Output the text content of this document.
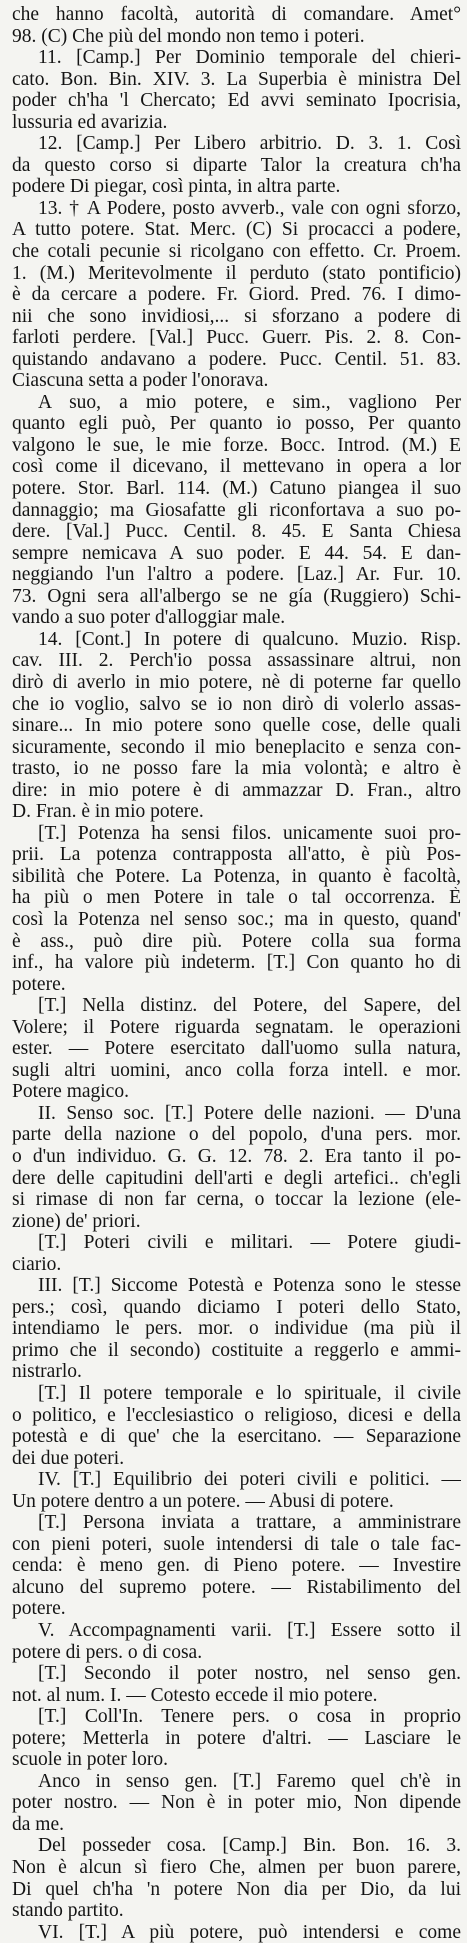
che hanno facoltà, autorità di comandare. Amet°
98. (C) Che più del mondo non temo i poteri.
11. [Camp.] Per Dominio temporale del chieri-
cato. Bon. Bin. XIV. 3. La Superbia è ministra Del
poder ch'ha 'l Chercato; Ed avvi seminato Ipocrisia,
lussuria ed avarizia.
12. [Camp.] Per Libero arbitrio. D. 3. 1. Così
da questo corso si diparte Talor la creatura ch'ha
podere Di piegar, così pinta, in altra parte.
13. † A Podere, posto avverb., vale con ogni sforzo,
A tutto potere. Stat. Merc. (C) Si procacci a podere,
che cotali pecunie si ricolgano con effetto. Cr. Proem.
1. (M.) Meritevolmente il perduto (stato pontificio)
è da cercare a podere. Fr. Giord. Pred. 76. I dimo-
nii che sono invidiosi,... si sforzano a podere di
farloti perdere. [Val.] Pucc. Guerr. Pis. 2. 8. Con-
quistando andavano a podere. Pucc. Centil. 51. 83.
Ciascuna setta a poder l'onorava.
A suo, a mio potere, e sim., vagliono Per
quanto egli può, Per quanto io posso, Per quanto
valgono le sue, le mie forze. Bocc. Introd. (M.) E
così come il dicevano, il mettevano in opera a lor
potere. Stor. Barl. 114. (M.) Catuno piangea il suo
dannaggio; ma Giosafatte gli riconfortava a suo po-
dere. [Val.] Pucc. Centil. 8. 45. E Santa Chiesa
sempre nemicava A suo poder. E 44. 54. E dan-
neggiando l'un l'altro a podere. [Laz.] Ar. Fur. 10.
73. Ogni sera all'albergo se ne gía (Ruggiero) Schi-
vando a suo poter d'alloggiar male.
14. [Cont.] In potere di qualcuno. Muzio. Risp.
cav. III. 2. Perch'io possa assassinare altrui, non
dirò di averlo in mio potere, nè di poterne far quello
che io voglio, salvo se io non dirò di volerlo assas-
sinare... In mio potere sono quelle cose, delle quali
sicuramente, secondo il mio beneplacito e senza con-
trasto, io ne posso fare la mia volontà; e altro è
dire: in mio potere è di ammazzar D. Fran., altro
D. Fran. è in mio potere.
[T.] Potenza ha sensi filos. unicamente suoi pro-
prii. La potenza contrapposta all'atto, è più Pos-
sibilità che Potere. La Potenza, in quanto è facoltà,
ha più o men Potere in tale o tal occorrenza. È
così la Potenza nel senso soc.; ma in questo, quand'
è ass., può dire più. Potere colla sua forma
inf., ha valore più indeterm. [T.] Con quanto ho di
potere.
[T.] Nella distinz. del Potere, del Sapere, del
Volere; il Potere riguarda segnatam. le operazioni
ester. — Potere esercitato dall'uomo sulla natura,
sugli altri uomini, anco colla forza intell. e mor.
Potere magico.
II. Senso soc. [T.] Potere delle nazioni. — D'una
parte della nazione o del popolo, d'una pers. mor.
o d'un individuo. G. G. 12. 78. 2. Era tanto il po-
dere delle capitudini dell'arti e degli artefici.. ch'egli
si rimase di non far cerna, o toccar la lezione (ele-
zione) de' priori.
[T.] Poteri civili e militari. — Potere giudi-
ciario.
III. [T.] Siccome Potestà e Potenza sono le stesse
pers.; così, quando diciamo I poteri dello Stato,
intendiamo le pers. mor. o individue (ma più il
primo che il secondo) costituite a reggerlo e ammi-
nistrarlo.
[T.] Il potere temporale e lo spirituale, il civile
o politico, e l'ecclesiastico o religioso, dicesi e della
potestà e di que' che la esercitano. — Separazione
dei due poteri.
IV. [T.] Equilibrio dei poteri civili e politici. —
Un potere dentro a un potere. — Abusi di potere.
[T.] Persona inviata a trattare, a amministrare
con pieni poteri, suole intendersi di tale o tale fac-
cenda: è meno gen. di Pieno potere. — Investire
alcuno del supremo potere. — Ristabilimento del
potere.
V. Accompagnamenti varii. [T.] Essere sotto il
potere di pers. o di cosa.
[T.] Secondo il poter nostro, nel senso gen.
not. al num. I. — Cotesto eccede il mio potere.
[T.] Coll'In. Tenere pers. o cosa in proprio
potere; Metterla in potere d'altri. — Lasciare le
scuole in poter loro.
Anco in senso gen. [T.] Faremo quel ch'è in
poter nostro. — Non è in poter mio, Non dipende
da me.
Del posseder cosa. [Camp.] Bin. Bon. 16. 3.
Non è alcun sì fiero Che, almen per buon parere,
Di quel ch'ha 'n potere Non dia per Dio, da lui
stando partito.
VI. [T.] A più potere, può intendersi e come
